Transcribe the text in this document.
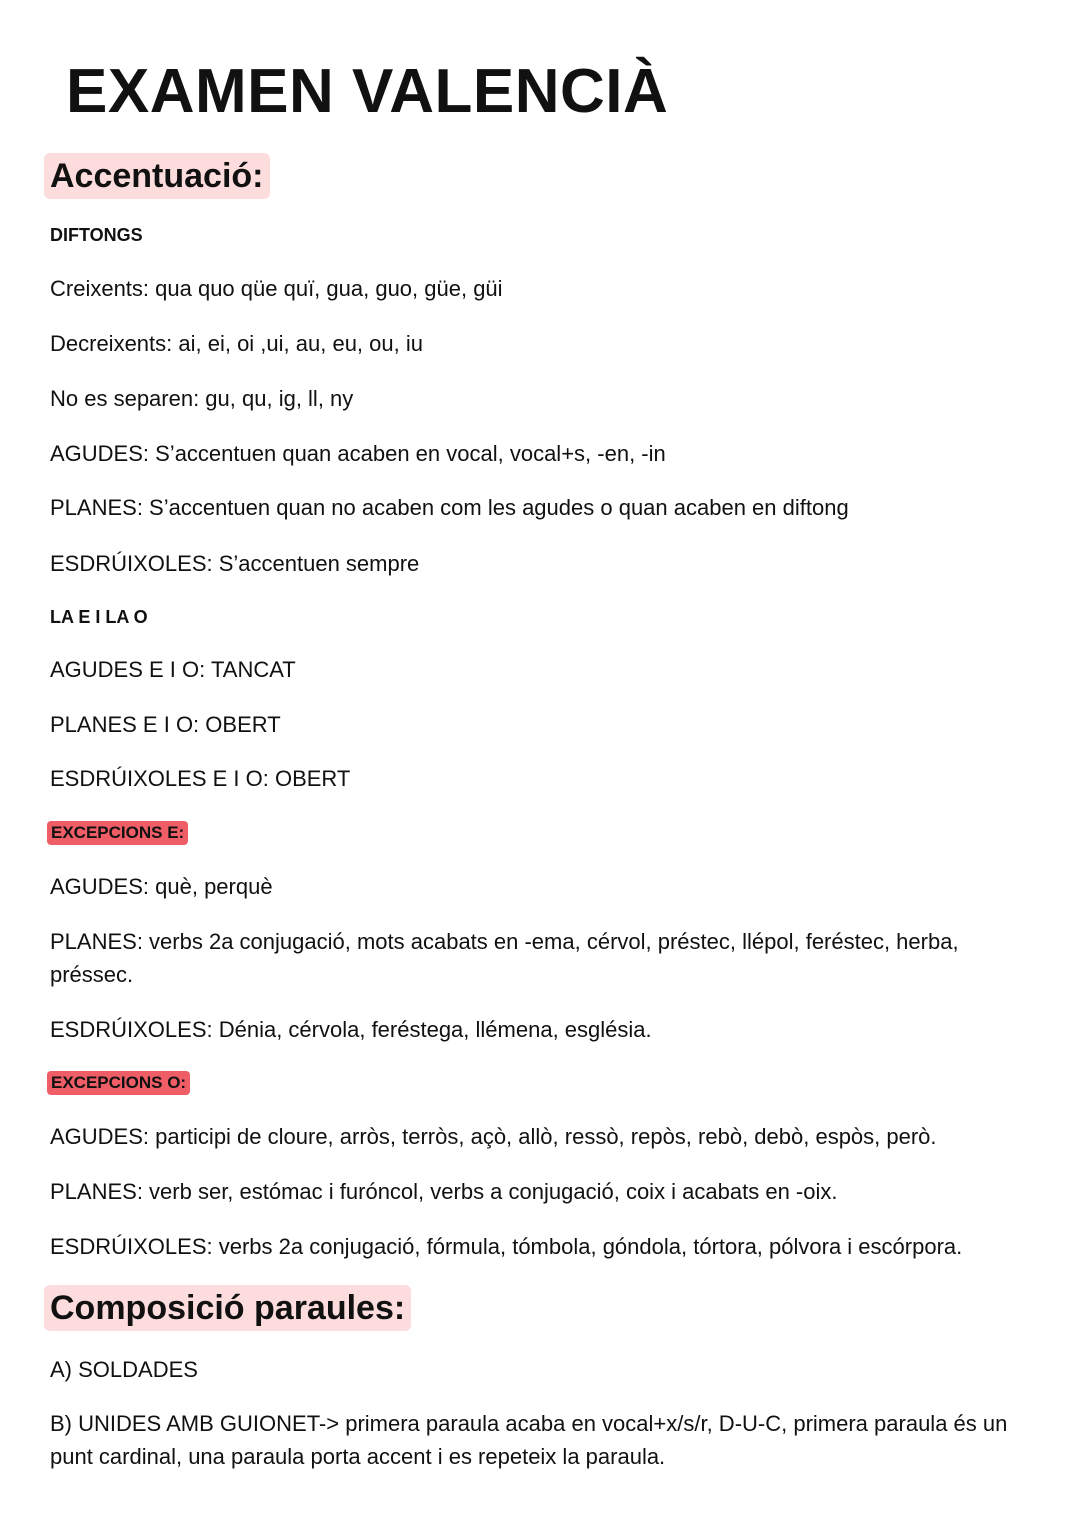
EXAMEN VALENCIÀ
Accentuació:

DIFTONGS

Creixents: qua quo qüe quï, gua, guo, güe, güi

Decreixents: ai, ei, oi ,ui, au, eu, ou, iu

No es separen: gu, qu, ig, ll, ny

AGUDES: S’accentuen quan acaben en vocal, vocal+s, -en, -in

PLANES: S’accentuen quan no acaben com les agudes o quan acaben en diftong

ESDRÚIXOLES: S’accentuen sempre

LA E I LA O

AGUDES E I O: TANCAT

PLANES E I O: OBERT

ESDRÚIXOLES E I O: OBERT

EXCEPCIONS E:

AGUDES: què, perquè

PLANES: verbs 2a conjugació, mots acabats en -ema, cérvol, préstec, llépol, feréstec, herba, préssec.

ESDRÚIXOLES: Dénia, cérvola, feréstega, llémena, església.

EXCEPCIONS O:

AGUDES: participi de cloure, arròs, terròs, açò, allò, ressò, repòs, rebò, debò, espòs, però.

PLANES: verb ser, estómac i furóncol, verbs a conjugació, coix i acabats en -oix.

ESDRÚIXOLES: verbs 2a conjugació, fórmula, tómbola, góndola, tórtora, pólvora i escórpora.

Composició paraules:

A) SOLDADES

B) UNIDES AMB GUIONET-> primera paraula acaba en vocal+x/s/r, D-U-C, primera paraula és un punt cardinal, una paraula porta accent i es repeteix la paraula.
